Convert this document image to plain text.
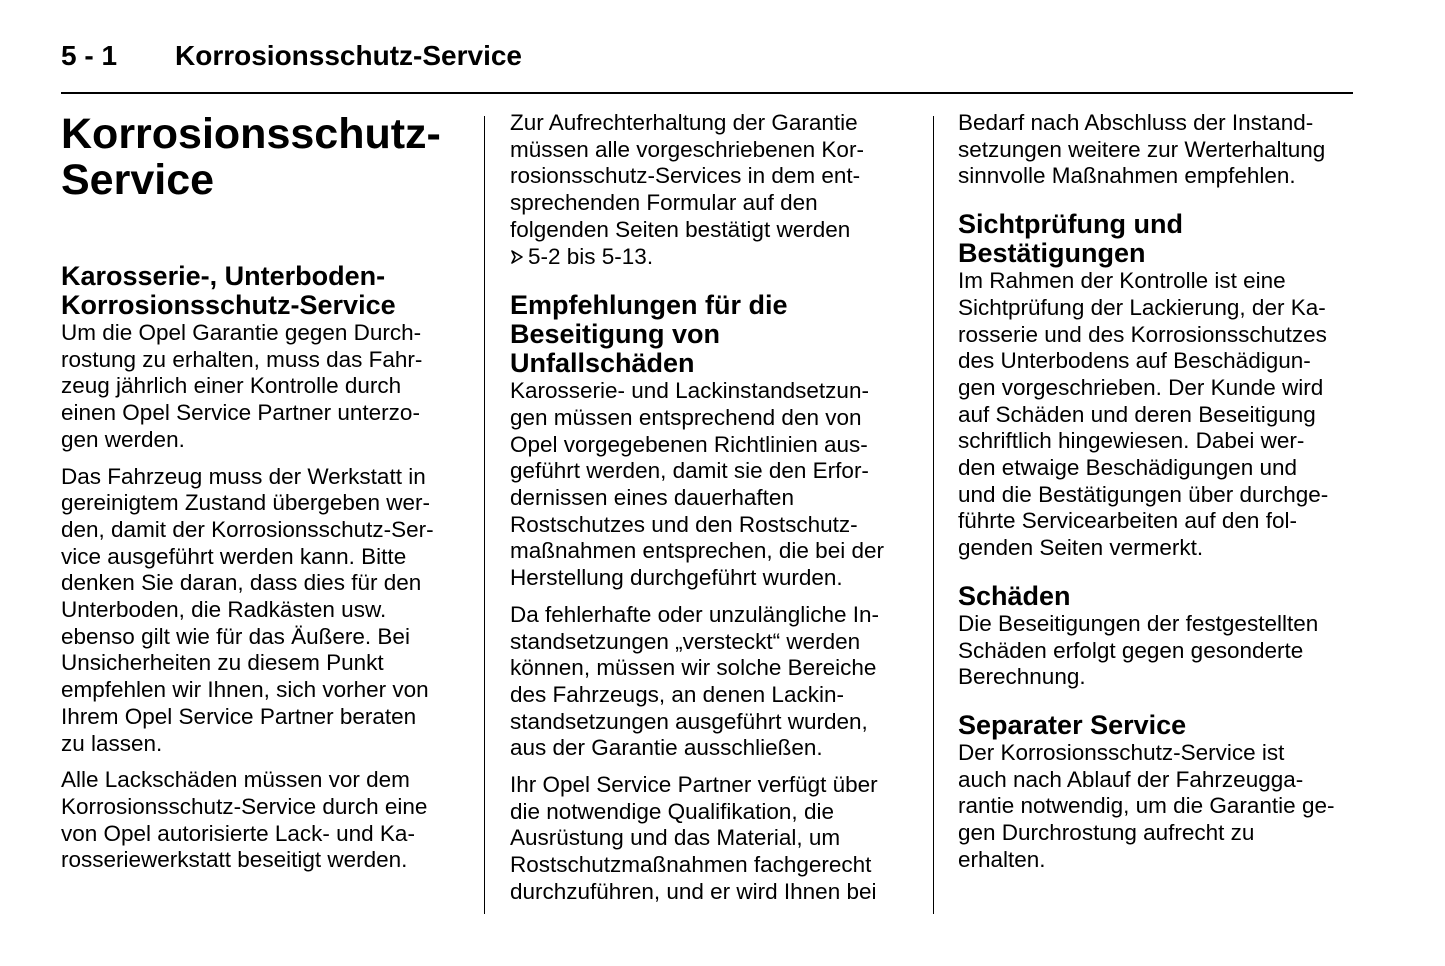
5 - 1 Korrosionsschutz-Service
Korrosionsschutz-
Service
Karosserie-, Unterboden-
Korrosionsschutz-Service

Um die Opel Garantie gegen Durch-
rostung zu erhalten, muss das Fahr-
zeug jährlich einer Kontrolle durch
einen Opel Service Partner unterzo-
gen werden.

Das Fahrzeug muss der Werkstatt in
gereinigtem Zustand übergeben wer-
den, damit der Korrosionsschutz-Ser-
vice ausgeführt werden kann. Bitte
denken Sie daran, dass dies für den
Unterboden, die Radkästen usw.
ebenso gilt wie für das Äußere. Bei
Unsicherheiten zu diesem Punkt
empfehlen wir Ihnen, sich vorher von
Ihrem Opel Service Partner beraten
zu lassen.

Alle Lackschäden müssen vor dem
Korrosionsschutz-Service durch eine
von Opel autorisierte Lack- und Ka-
rosseriewerkstatt beseitigt werden.

Zur Aufrechterhaltung der Garantie
müssen alle vorgeschriebenen Kor-
rosionsschutz-Services in dem ent-
sprechenden Formular auf den
folgenden Seiten bestätigt werden
5-2 bis 5-13.

Empfehlungen für die
Beseitigung von
Unfallschäden

Karosserie- und Lackinstandsetzun-
gen müssen entsprechend den von
Opel vorgegebenen Richtlinien aus-
geführt werden, damit sie den Erfor-
dernissen eines dauerhaften
Rostschutzes und den Rostschutz-
maßnahmen entsprechen, die bei der
Herstellung durchgeführt wurden.

Da fehlerhafte oder unzulängliche In-
standsetzungen „versteckt“ werden
können, müssen wir solche Bereiche
des Fahrzeugs, an denen Lackin-
standsetzungen ausgeführt wurden,
aus der Garantie ausschließen.

Ihr Opel Service Partner verfügt über
die notwendige Qualifikation, die
Ausrüstung und das Material, um
Rostschutzmaßnahmen fachgerecht
durchzuführen, und er wird Ihnen bei

Bedarf nach Abschluss der Instand-
setzungen weitere zur Werterhaltung
sinnvolle Maßnahmen empfehlen.

Sichtprüfung und
Bestätigungen

Im Rahmen der Kontrolle ist eine
Sichtprüfung der Lackierung, der Ka-
rosserie und des Korrosionsschutzes
des Unterbodens auf Beschädigun-
gen vorgeschrieben. Der Kunde wird
auf Schäden und deren Beseitigung
schriftlich hingewiesen. Dabei wer-
den etwaige Beschädigungen und
und die Bestätigungen über durchge-
führte Servicearbeiten auf den fol-
genden Seiten vermerkt.

Schäden

Die Beseitigungen der festgestellten
Schäden erfolgt gegen gesonderte
Berechnung.

Separater Service

Der Korrosionsschutz-Service ist
auch nach Ablauf der Fahrzeugga-
rantie notwendig, um die Garantie ge-
gen Durchrostung aufrecht zu
erhalten.
